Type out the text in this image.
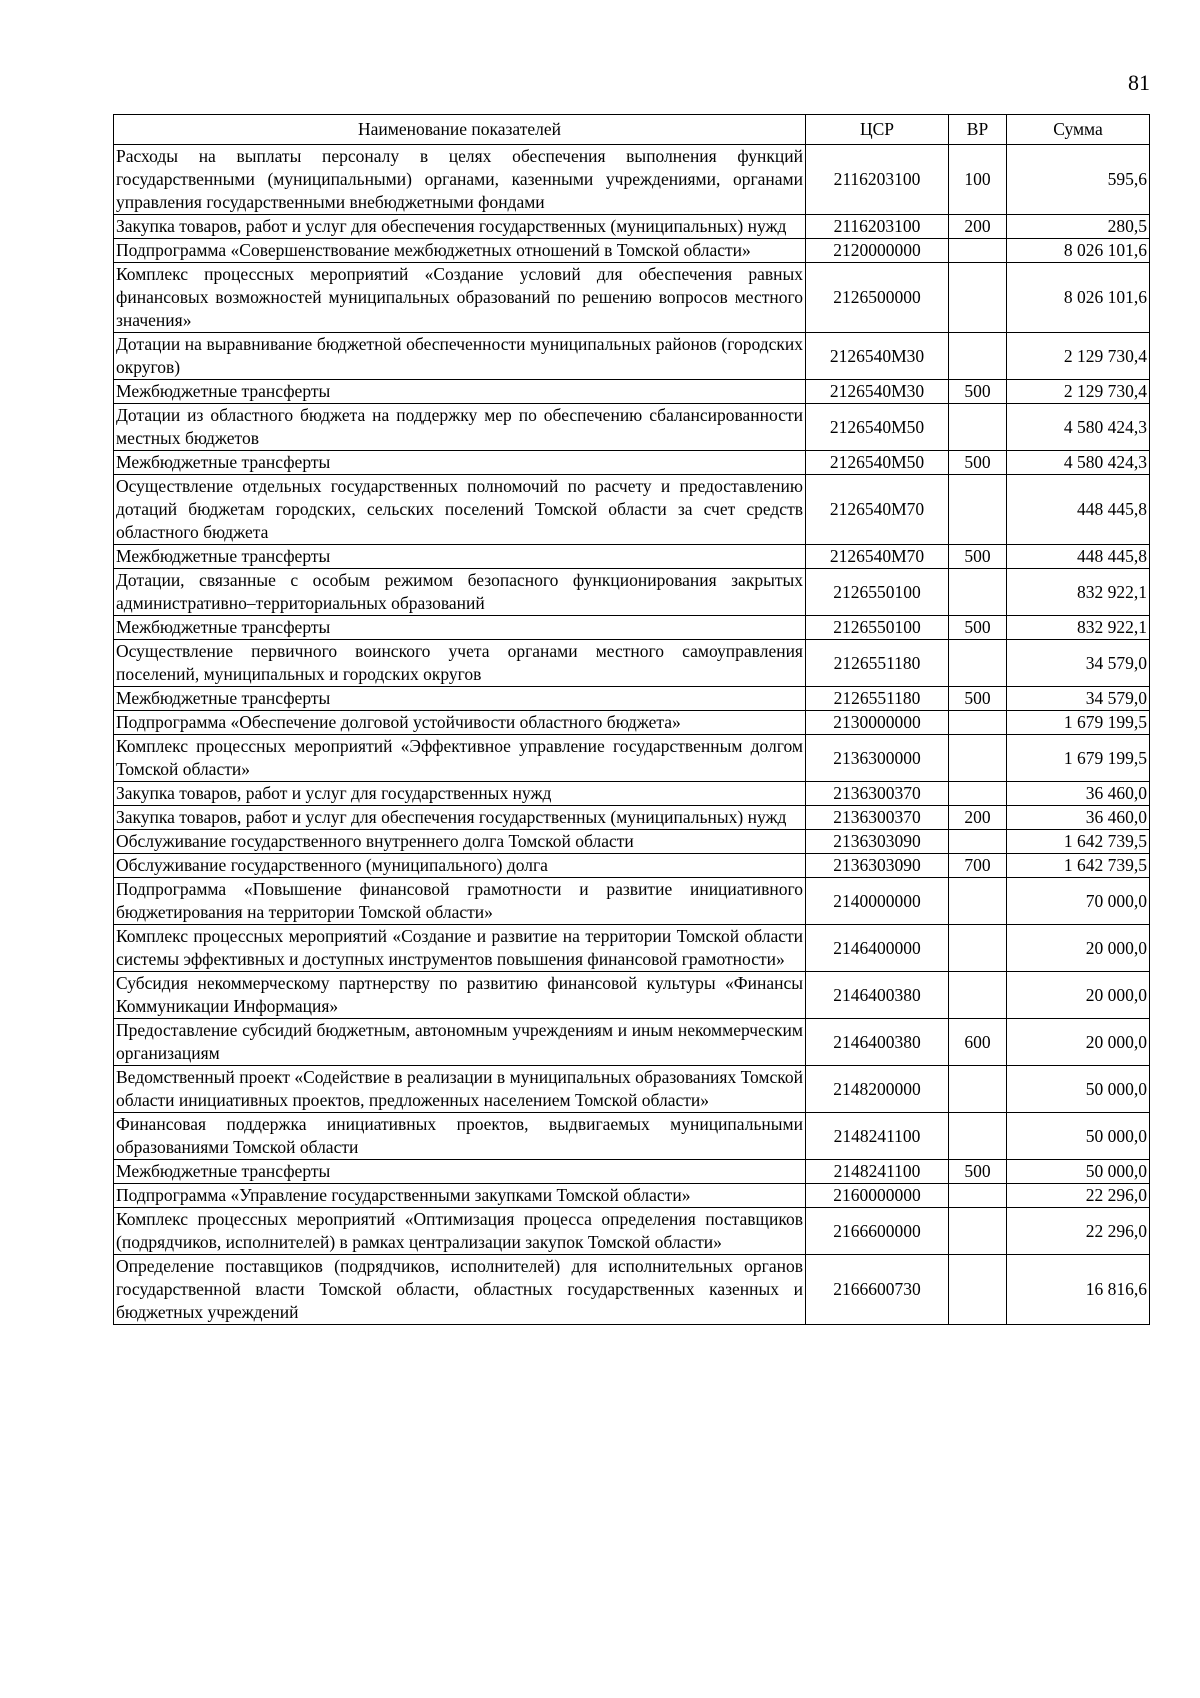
81
Наименование показателей	ЦСР	ВР	Сумма
Расходы на выплаты персоналу в целях обеспечения выполнения функций государственными (муниципальными) органами, казенными учреждениями, органами управления государственными внебюджетными фондами	2116203100	100	595,6
Закупка товаров, работ и услуг для обеспечения государственных (муниципальных) нужд	2116203100	200	280,5
Подпрограмма «Совершенствование межбюджетных отношений в Томской области»	2120000000		8 026 101,6
Комплекс процессных мероприятий «Создание условий для обеспечения равных финансовых возможностей муниципальных образований по решению вопросов местного значения»	2126500000		8 026 101,6
Дотации на выравнивание бюджетной обеспеченности муниципальных районов (городских округов)	2126540M30		2 129 730,4
Межбюджетные трансферты	2126540M30	500	2 129 730,4
Дотации из областного бюджета на поддержку мер по обеспечению сбалансированности местных бюджетов	2126540M50		4 580 424,3
Межбюджетные трансферты	2126540M50	500	4 580 424,3
Осуществление отдельных государственных полномочий по расчету и предоставлению дотаций бюджетам городских, сельских поселений Томской области за счет средств областного бюджета	2126540M70		448 445,8
Межбюджетные трансферты	2126540M70	500	448 445,8
Дотации, связанные с особым режимом безопасного функционирования закрытых административно–территориальных образований	2126550100		832 922,1
Межбюджетные трансферты	2126550100	500	832 922,1
Осуществление первичного воинского учета органами местного самоуправления поселений, муниципальных и городских округов	2126551180		34 579,0
Межбюджетные трансферты	2126551180	500	34 579,0
Подпрограмма «Обеспечение долговой устойчивости областного бюджета»	2130000000		1 679 199,5
Комплекс процессных мероприятий «Эффективное управление государственным долгом Томской области»	2136300000		1 679 199,5
Закупка товаров, работ и услуг для государственных нужд	2136300370		36 460,0
Закупка товаров, работ и услуг для обеспечения государственных (муниципальных) нужд	2136300370	200	36 460,0
Обслуживание государственного внутреннего долга Томской области	2136303090		1 642 739,5
Обслуживание государственного (муниципального) долга	2136303090	700	1 642 739,5
Подпрограмма «Повышение финансовой грамотности и развитие инициативного бюджетирования на территории Томской области»	2140000000		70 000,0
Комплекс процессных мероприятий «Создание и развитие на территории Томской области системы эффективных и доступных инструментов повышения финансовой грамотности»	2146400000		20 000,0
Субсидия некоммерческому партнерству по развитию финансовой культуры «Финансы Коммуникации Информация»	2146400380		20 000,0
Предоставление субсидий бюджетным, автономным учреждениям и иным некоммерческим организациям	2146400380	600	20 000,0
Ведомственный проект «Содействие в реализации в муниципальных образованиях Томской области инициативных проектов, предложенных населением Томской области»	2148200000		50 000,0
Финансовая поддержка инициативных проектов, выдвигаемых муниципальными образованиями Томской области	2148241100		50 000,0
Межбюджетные трансферты	2148241100	500	50 000,0
Подпрограмма «Управление государственными закупками Томской области»	2160000000		22 296,0
Комплекс процессных мероприятий «Оптимизация процесса определения поставщиков (подрядчиков, исполнителей) в рамках централизации закупок Томской области»	2166600000		22 296,0
Определение поставщиков (подрядчиков, исполнителей) для исполнительных органов государственной власти Томской области, областных государственных казенных и бюджетных учреждений	2166600730		16 816,6
